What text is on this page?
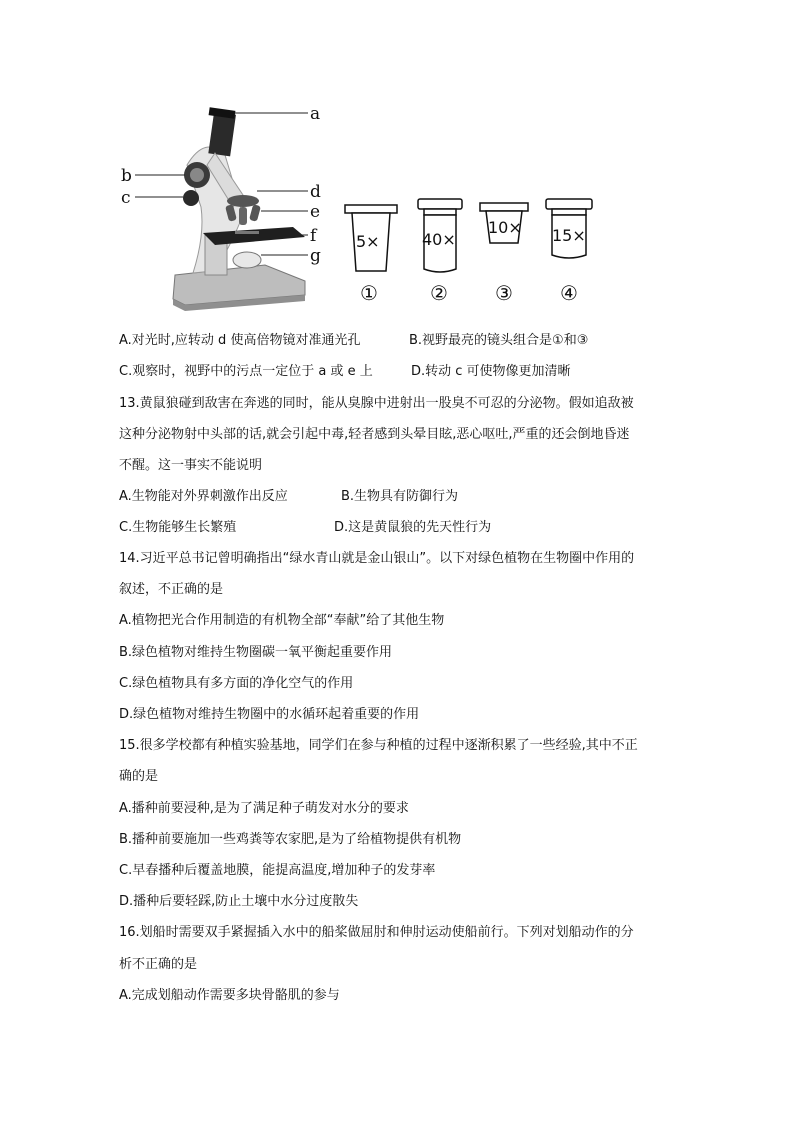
a
b
c	d
e
f
g
5×
①
40×
②
10×
③
15×
④
A.对光时,应转动 d 使高倍物镜对准通光孔	B.视野最亮的镜头组合是①和③
C.观察时，视野中的污点一定位于 a 或 e 上	D.转动 c 可使物像更加清晰
13.黄鼠狼碰到敌害在奔逃的同时，能从臭腺中进射出一股臭不可忍的分泌物。假如追敌被
这种分泌物射中头部的话,就会引起中毒,轻者感到头晕目眩,恶心呕吐,严重的还会倒地昏迷
不醒。这一事实不能说明
A.生物能对外界刺激作出反应	B.生物具有防御行为
C.生物能够生长繁殖	D.这是黄鼠狼的先天性行为
14.习近平总书记曾明确指出“绿水青山就是金山银山”。以下对绿色植物在生物圈中作用的
叙述，不正确的是
A.植物把光合作用制造的有机物全部“奉献”给了其他生物
B.绿色植物对维持生物圈碳一氧平衡起重要作用
C.绿色植物具有多方面的净化空气的作用
D.绿色植物对维持生物圈中的水循环起着重要的作用
15.很多学校都有种植实验基地，同学们在参与种植的过程中逐渐积累了一些经验,其中不正
确的是
A.播种前要浸种,是为了满足种子萌发对水分的要求
B.播种前要施加一些鸡粪等农家肥,是为了给植物提供有机物
C.早春播种后覆盖地膜，能提高温度,增加种子的发芽率
D.播种后要轻踩,防止土壤中水分过度散失
16.划船时需要双手紧握插入水中的船桨做屈肘和伸肘运动使船前行。下列对划船动作的分
析不正确的是
A.完成划船动作需要多块骨骼肌的参与
